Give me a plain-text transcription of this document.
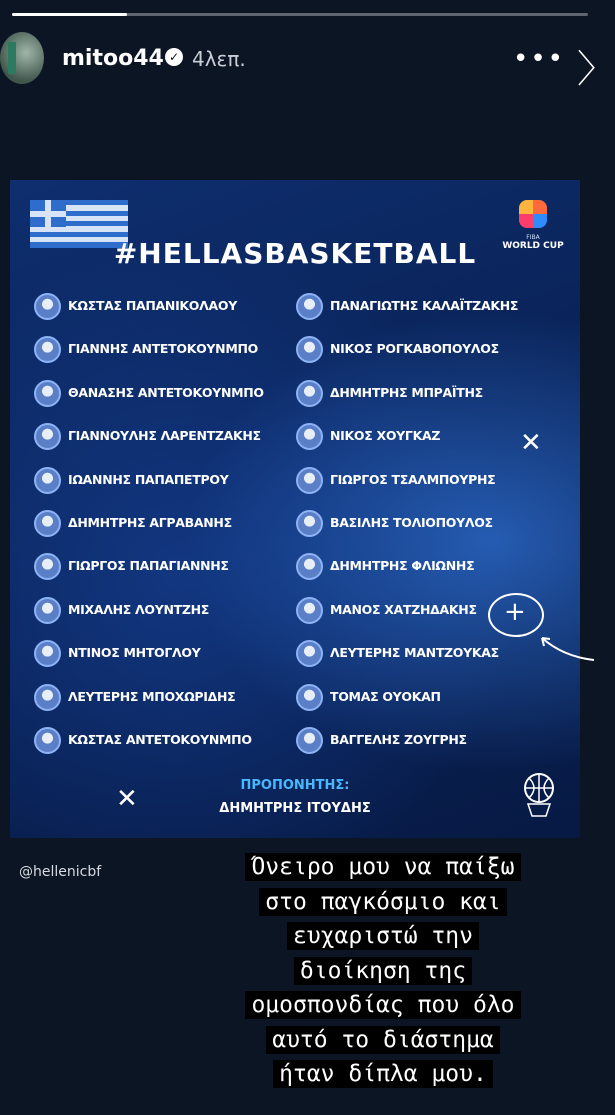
mitoo44 ✓ 4λεπ.	••• 〉
#HELLASBASKETBALL	FIBA
WORLD CUP
ΚΩΣΤΑΣ ΠΑΠΑΝΙΚΟΛΑΟΥ
ΓΙΑΝΝΗΣ ΑΝΤΕΤΟΚΟΥΝΜΠΟ
ΘΑΝΑΣΗΣ ΑΝΤΕΤΟΚΟΥΝΜΠΟ
ΓΙΑΝΝΟΥΛΗΣ ΛΑΡΕΝΤΖΑΚΗΣ
ΙΩΑΝΝΗΣ ΠΑΠΑΠΕΤΡΟΥ
ΔΗΜΗΤΡΗΣ ΑΓΡΑΒΑΝΗΣ
ΓΙΩΡΓΟΣ ΠΑΠΑΓΙΑΝΝΗΣ
ΜΙΧΑΛΗΣ ΛΟΥΝΤΖΗΣ
ΝΤΙΝΟΣ ΜΗΤΟΓΛΟΥ
ΛΕΥΤΕΡΗΣ ΜΠΟΧΩΡΙΔΗΣ
ΚΩΣΤΑΣ ΑΝΤΕΤΟΚΟΥΝΜΠΟ
ΠΑΝΑΓΙΩΤΗΣ ΚΑΛΑΪΤΖΑΚΗΣ
ΝΙΚΟΣ ΡΟΓΚΑΒΟΠΟΥΛΟΣ
ΔΗΜΗΤΡΗΣ ΜΠΡΑΪΤΗΣ
ΝΙΚΟΣ ΧΟΥΓΚΑΖ
ΓΙΩΡΓΟΣ ΤΣΑΛΜΠΟΥΡΗΣ
ΒΑΣΙΛΗΣ ΤΟΛΙΟΠΟΥΛΟΣ
ΔΗΜΗΤΡΗΣ ΦΛΙΩΝΗΣ
ΜΑΝΟΣ ΧΑΤΖΗΔΑΚΗΣ
ΛΕΥΤΕΡΗΣ ΜΑΝΤΖΟΥΚΑΣ
ΤΟΜΑΣ ΟΥΟΚΑΠ
ΒΑΓΓΕΛΗΣ ΖΟΥΓΡΗΣ
✕
+
✕	ΠΡΟΠΟΝΗΤΗΣ:
ΔΗΜΗΤΡΗΣ ΙΤΟΥΔΗΣ
@hellenicbf	Όνειρο μου να παίξω
στο παγκόσμιο και
ευχαριστώ την
διοίκηση της
ομοσπονδίας που όλο
αυτό το διάστημα
ήταν δίπλα μου.
